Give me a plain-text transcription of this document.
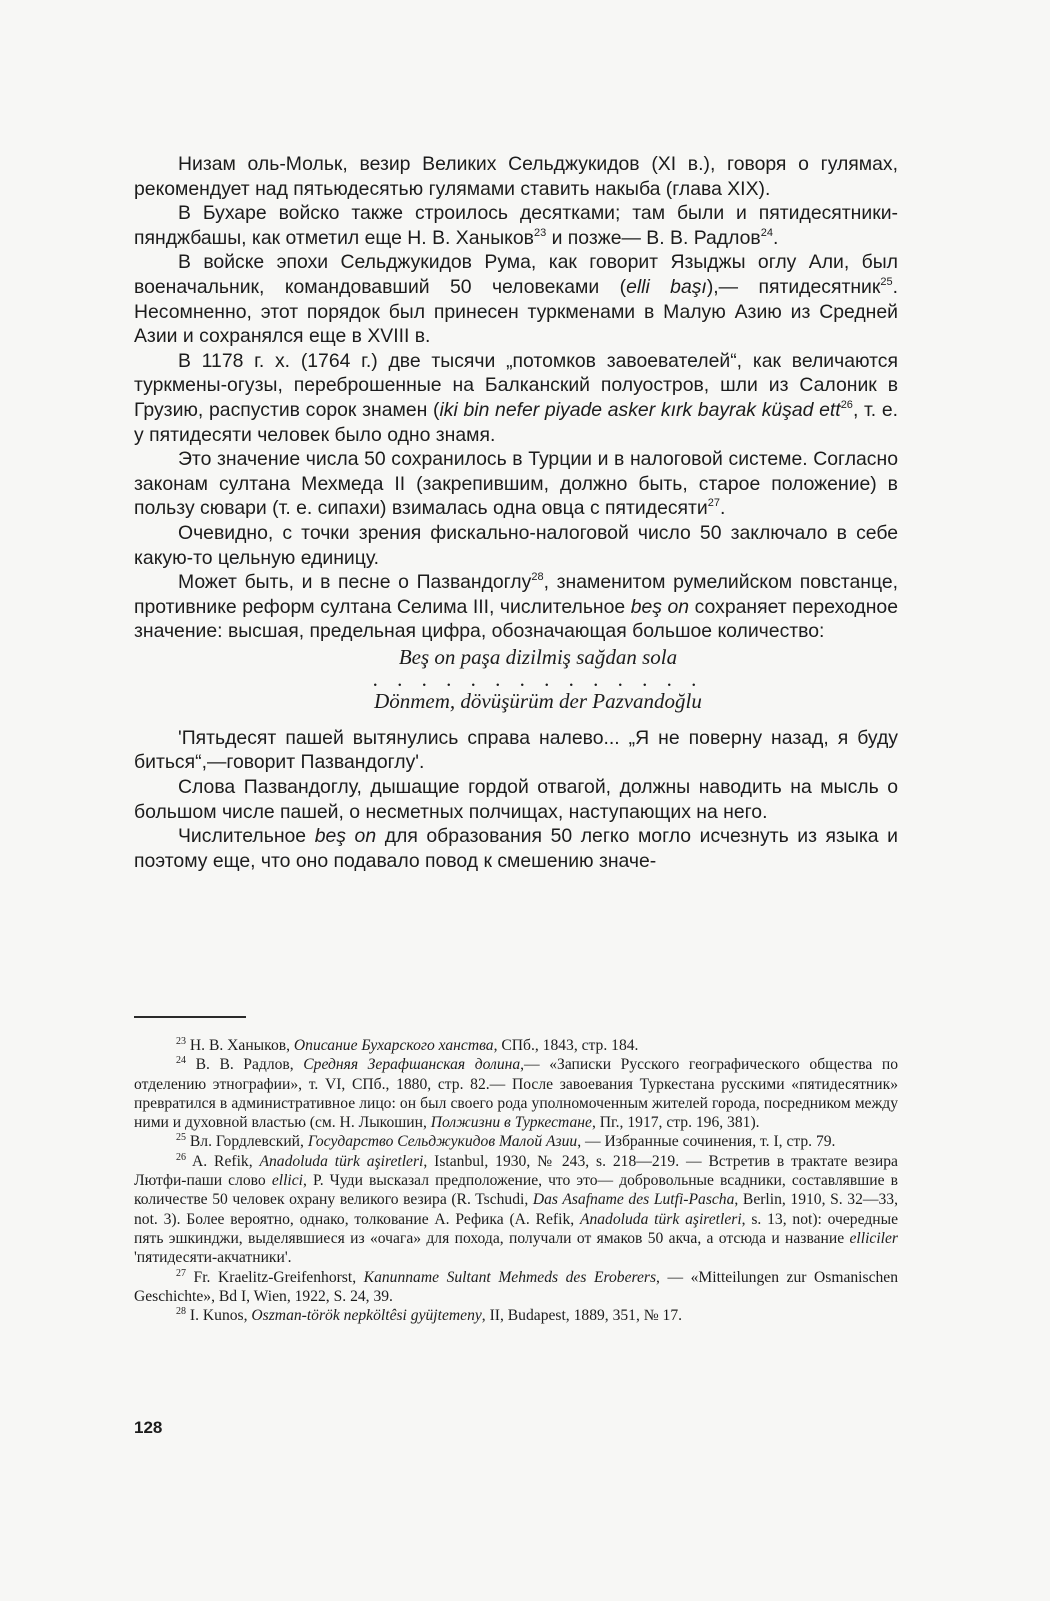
Низам оль-Мольк, везир Великих Сельджукидов (XI в.), говоря о гулямах, рекомендует над пятьюдесятью гулямами ставить накыба (глава XIX).

В Бухаре войско также строилось десятками; там были и пятидесятники-пянджбашы, как отметил еще Н. В. Ханыков$^{23}$ и позже— В. В. Радлов$^{24}$.

В войске эпохи Сельджукидов Рума, как говорит Языджы оглу Али, был военачальник, командовавший 50 человеками (elli başı),— пятидесятник$^{25}$. Несомненно, этот порядок был принесен туркменами в Малую Азию из Средней Азии и сохранялся еще в XVIII в.

В 1178 г. х. (1764 г.) две тысячи „потомков завоевателей“, как величаются туркмены-огузы, переброшенные на Балканский полуостров, шли из Салоник в Грузию, распустив сорок знамен (iki bin nefer piyade asker kırk bayrak küşad ett$^{26}$, т. е. у пятидесяти человек было одно знамя.

Это значение числа 50 сохранилось в Турции и в налоговой системе. Согласно законам султана Мехмеда II (закрепившим, должно быть, старое положение) в пользу сювари (т. е. сипахи) взималась одна овца с пятидесяти$^{27}$.

Очевидно, с точки зрения фискально-налоговой число 50 заключало в себе какую-то цельную единицу.

Может быть, и в песне о Пазвандоглу$^{28}$, знаменитом румелийском повстанце, противнике реформ султана Селима III, числительное beş on сохраняет переходное значение: высшая, предельная цифра, обозначающая большое количество:

Beş on paşa dizilmiş sağdan sola

. . . . . . . . . . . . . .

Dönmem, dövüşürüm der Pazvandoğlu

'Пятьдесят пашей вытянулись справа налево... „Я не поверну назад, я буду биться“,—говорит Пазвандоглу'.

Слова Пазвандоглу, дышащие гордой отвагой, должны наводить на мысль о большом числе пашей, о несметных полчищах, наступающих на него.

Числительное beş on для образования 50 легко могло исчезнуть из языка и поэтому еще, что оно подавало повод к смешению значе-

$^{23}$ Н. В. Ханыков, Описание Бухарского ханства, СПб., 1843, стр. 184.

$^{24}$ В. В. Радлов, Средняя Зерафшанская долина,— «Записки Русского географического общества по отделению этнографии», т. VI, СПб., 1880, стр. 82.— После завоевания Туркестана русскими «пятидесятник» превратился в административное лицо: он был своего рода уполномоченным жителей города, посредником между ними и духовной властью (см. Н. Лыкошин, Полжизни в Туркестане, Пг., 1917, стр. 196, 381).

$^{25}$ Вл. Гордлевский, Государство Сельджукидов Малой Азии, — Избранные сочинения, т. I, стр. 79.

$^{26}$ A. Refik, Anadoluda türk aşiretleri, Istanbul, 1930, № 243, s. 218—219. — Встретив в трактате везира Лютфи-паши слово ellici, Р. Чуди высказал предположение, что это— добровольные всадники, составлявшие в количестве 50 человек охрану великого везира (R. Tschudi, Das Asafname des Lutfi-Pascha, Berlin, 1910, S. 32—33, not. 3). Более вероятно, однако, толкование А. Рефика (A. Refik, Anadoluda türk aşiretleri, s. 13, not): очередные пять эшкинджи, выделявшиеся из «очага» для похода, получали от ямаков 50 акча, а отсюда и название elliciler 'пятидесяти-акчатники'.

$^{27}$ Fr. Kraelitz-Greifenhorst, Kanunname Sultant Mehmeds des Eroberers, — «Mitteilungen zur Osmanischen Geschichte», Bd I, Wien, 1922, S. 24, 39.

$^{28}$ I. Kunos, Oszman-török nepköltêsi gyüjtemeny, II, Budapest, 1889, 351, № 17.

128
